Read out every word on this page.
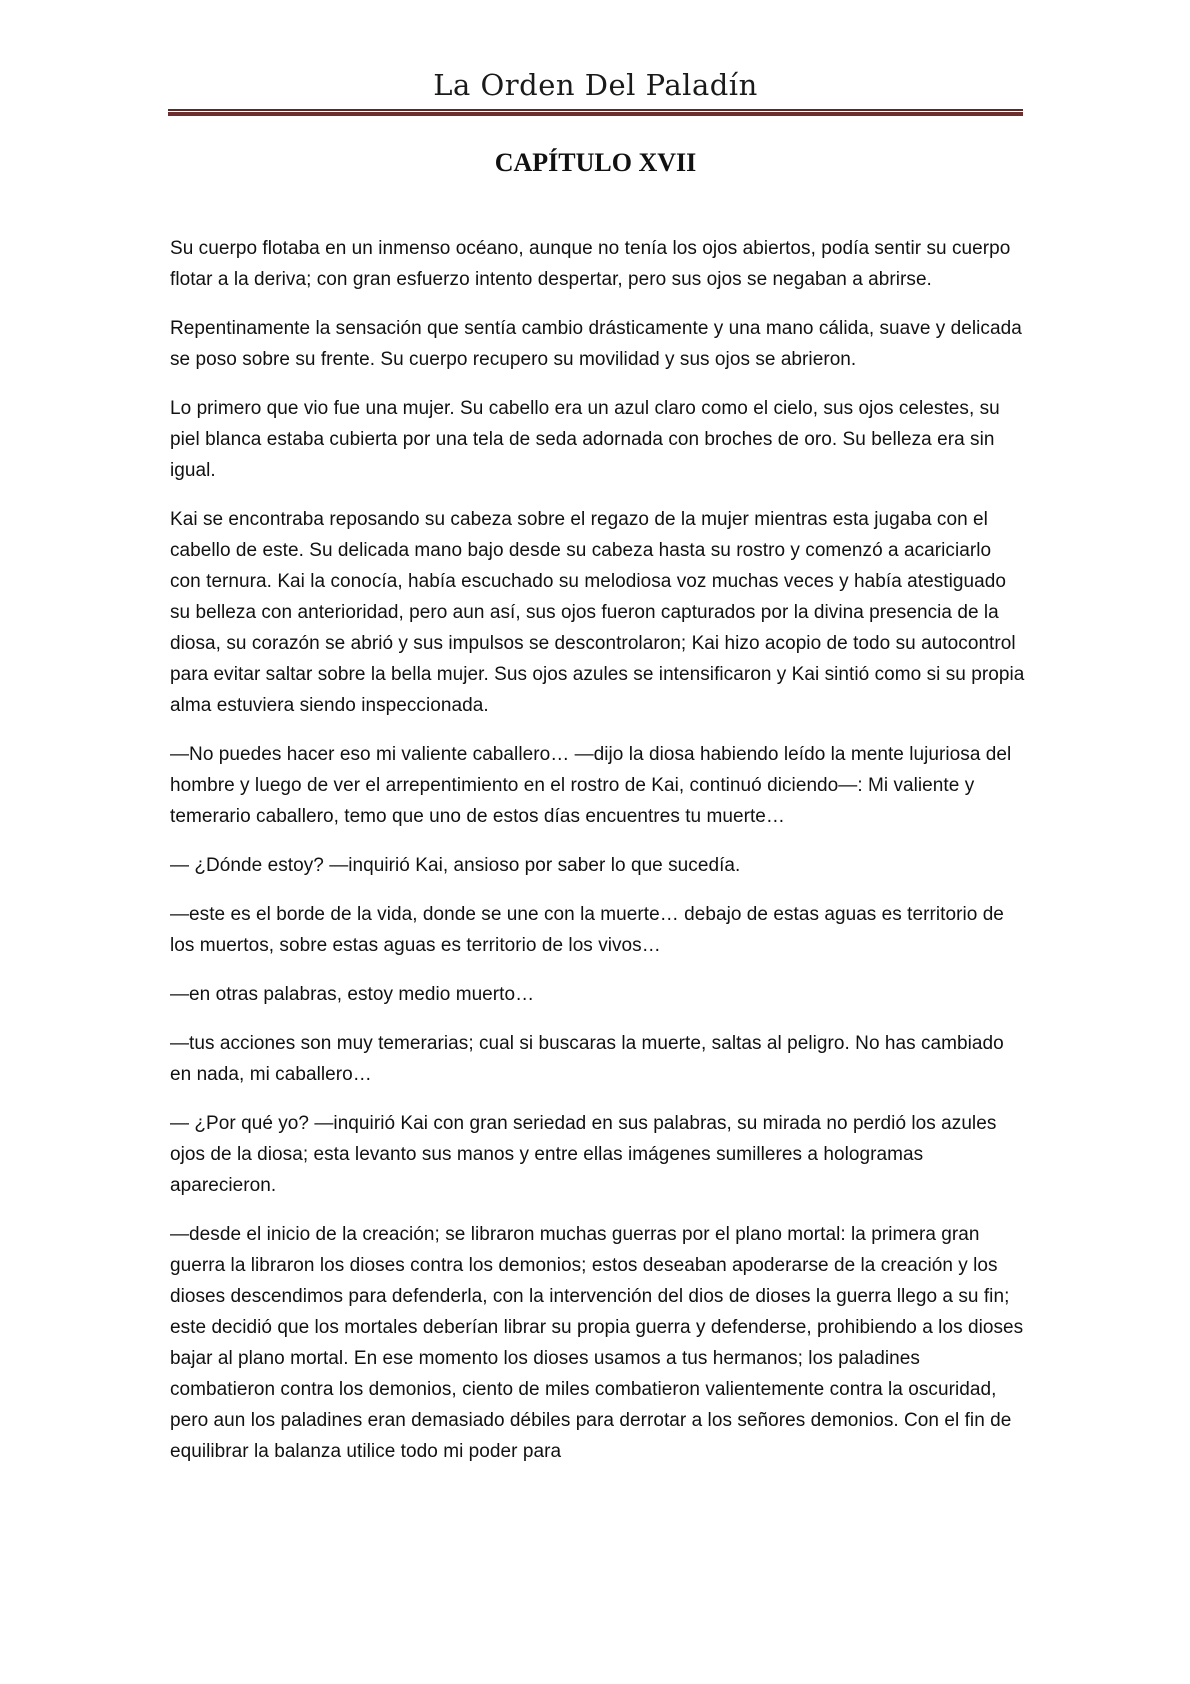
La Orden Del Paladín
CAPÍTULO XVII

Su cuerpo flotaba en un inmenso océano, aunque no tenía los ojos abiertos, podía sentir su cuerpo flotar a la deriva; con gran esfuerzo intento despertar, pero sus ojos se negaban a abrirse.

Repentinamente la sensación que sentía cambio drásticamente y una mano cálida, suave y delicada se poso sobre su frente. Su cuerpo recupero su movilidad y sus ojos se abrieron.

Lo primero que vio fue una mujer. Su cabello era un azul claro como el cielo, sus ojos celestes, su piel blanca estaba cubierta por una tela de seda adornada con broches de oro. Su belleza era sin igual.

Kai se encontraba reposando su cabeza sobre el regazo de la mujer mientras esta jugaba con el cabello de este. Su delicada mano bajo desde su cabeza hasta su rostro y comenzó a acariciarlo con ternura. Kai la conocía, había escuchado su melodiosa voz muchas veces y había atestiguado su belleza con anterioridad, pero aun así, sus ojos fueron capturados por la divina presencia de la diosa, su corazón se abrió y sus impulsos se descontrolaron; Kai hizo acopio de todo su autocontrol para evitar saltar sobre la bella mujer. Sus ojos azules se intensificaron y Kai sintió como si su propia alma estuviera siendo inspeccionada.

—No puedes hacer eso mi valiente caballero… —dijo la diosa habiendo leído la mente lujuriosa del hombre y luego de ver el arrepentimiento en el rostro de Kai, continuó diciendo—: Mi valiente y temerario caballero, temo que uno de estos días encuentres tu muerte…

— ¿Dónde estoy? —inquirió Kai, ansioso por saber lo que sucedía.

—este es el borde de la vida, donde se une con la muerte… debajo de estas aguas es territorio de los muertos, sobre estas aguas es territorio de los vivos…

—en otras palabras, estoy medio muerto…

—tus acciones son muy temerarias; cual si buscaras la muerte, saltas al peligro. No has cambiado en nada, mi caballero…

— ¿Por qué yo? —inquirió Kai con gran seriedad en sus palabras, su mirada no perdió los azules ojos de la diosa; esta levanto sus manos y entre ellas imágenes sumilleres a hologramas aparecieron.

—desde el inicio de la creación; se libraron muchas guerras por el plano mortal: la primera gran guerra la libraron los dioses contra los demonios; estos deseaban apoderarse de la creación y los dioses descendimos para defenderla, con la intervención del dios de dioses la guerra llego a su fin; este decidió que los mortales deberían librar su propia guerra y defenderse, prohibiendo a los dioses bajar al plano mortal. En ese momento los dioses usamos a tus hermanos; los paladines combatieron contra los demonios, ciento de miles combatieron valientemente contra la oscuridad, pero aun los paladines eran demasiado débiles para derrotar a los señores demonios. Con el fin de equilibrar la balanza utilice todo mi poder para
